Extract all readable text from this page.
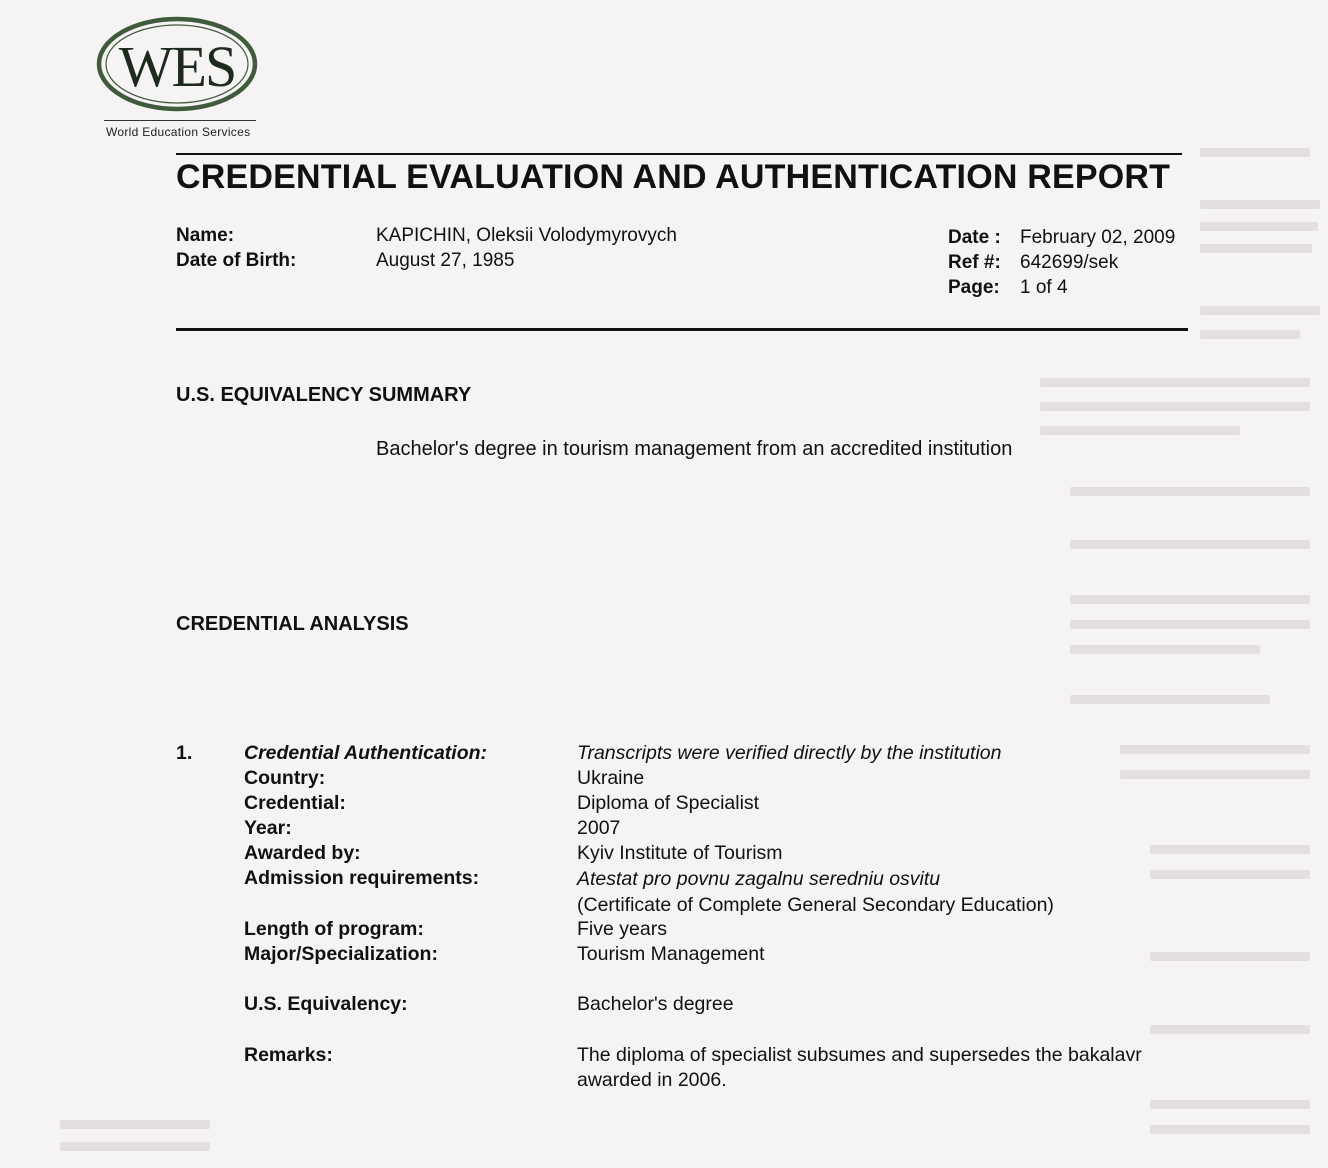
WES
World Education Services
CREDENTIAL EVALUATION AND AUTHENTICATION REPORT
Name:	KAPICHIN, Oleksii Volodymyrovych
Date of Birth:	August 27, 1985
Date : February 02, 2009
Ref #: 642699/sek
Page: 1 of 4
U.S. EQUIVALENCY SUMMARY
Bachelor's degree in tourism management from an accredited institution
CREDENTIAL ANALYSIS
1.	Credential Authentication:	Transcripts were verified directly by the institution
Country:	Ukraine
Credential:	Diploma of Specialist
Year:	2007
Awarded by:	Kyiv Institute of Tourism
Admission requirements:	Atestat pro povnu zagalnu seredniu osvitu
(Certificate of Complete General Secondary Education)
Length of program:	Five years
Major/Specialization:	Tourism Management
U.S. Equivalency:	Bachelor's degree
Remarks:	The diploma of specialist subsumes and supersedes the bakalavr
awarded in 2006.
